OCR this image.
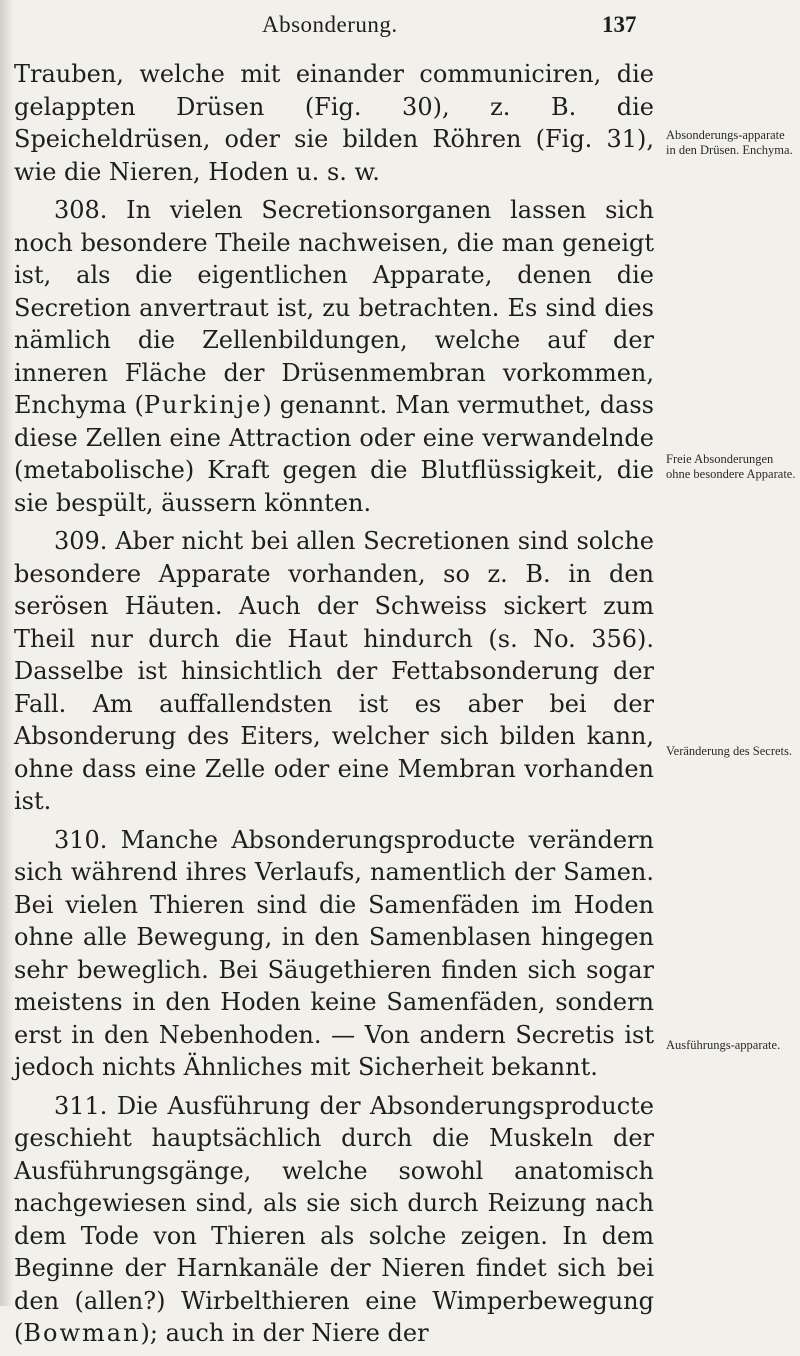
Absonderung.	137

Trauben, welche mit einander communiciren, die gelappten Drüsen (Fig. 30), z. B. die Speicheldrüsen, oder sie bilden Röhren (Fig. 31), wie die Nieren, Hoden u. s. w.

308. In vielen Secretionsorganen lassen sich noch besondere Theile nachweisen, die man geneigt ist, als die eigentlichen Apparate, denen die Secretion anvertraut ist, zu betrachten. Es sind dies nämlich die Zellenbildungen, welche auf der inneren Fläche der Drüsenmembran vorkommen, Enchyma (Purkinje) genannt. Man vermuthet, dass diese Zellen eine Attraction oder eine verwandelnde (metabolische) Kraft gegen die Blutflüssigkeit, die sie bespült, äussern könnten.

309. Aber nicht bei allen Secretionen sind solche besondere Apparate vorhanden, so z. B. in den serösen Häuten. Auch der Schweiss sickert zum Theil nur durch die Haut hindurch (s. No. 356). Dasselbe ist hinsichtlich der Fettabsonderung der Fall. Am auffallendsten ist es aber bei der Absonderung des Eiters, welcher sich bilden kann, ohne dass eine Zelle oder eine Membran vorhanden ist.

310. Manche Absonderungsproducte verändern sich während ihres Verlaufs, namentlich der Samen. Bei vielen Thieren sind die Samenfäden im Hoden ohne alle Bewegung, in den Samenblasen hingegen sehr beweglich. Bei Säugethieren finden sich sogar meistens in den Hoden keine Samenfäden, sondern erst in den Nebenhoden. — Von andern Secretis ist jedoch nichts Ähnliches mit Sicherheit bekannt.

311. Die Ausführung der Absonderungsproducte geschieht hauptsächlich durch die Muskeln der Ausführungsgänge, welche sowohl anatomisch nachgewiesen sind, als sie sich durch Reizung nach dem Tode von Thieren als solche zeigen. In dem Beginne der Harnkanäle der Nieren findet sich bei den (allen?) Wirbelthieren eine Wimperbewegung (Bowman); auch in der Niere der

Absonderungs-apparate in den Drüsen. Enchyma.
Freie Absonderungen ohne besondere Apparate.
Veränderung des Secrets.
Ausführungs-apparate.
